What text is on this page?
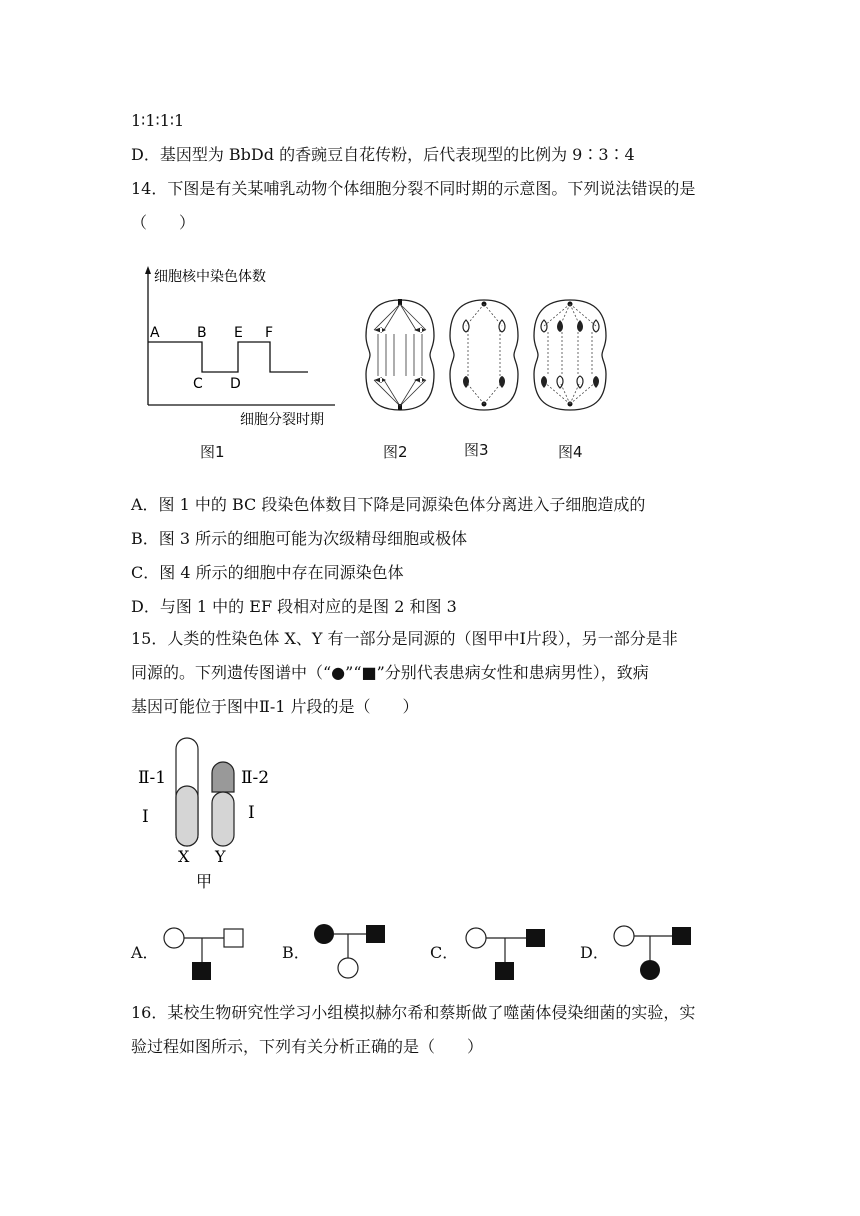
1∶1∶1∶1
D．基因型为 BbDd 的香豌豆自花传粉，后代表现型的比例为 9∶3∶4
14．下图是有关某哺乳动物个体细胞分裂不同时期的示意图。下列说法错误的是
（　　）
细胞核中染色体数
细胞分裂时期
A	B
C D
E F
图1	图2	图3	图4
A．图 1 中的 BC 段染色体数目下降是同源染色体分离进入子细胞造成的
B．图 3 所示的细胞可能为次级精母细胞或极体
C．图 4 所示的细胞中存在同源染色体
D．与图 1 中的 EF 段相对应的是图 2 和图 3
15．人类的性染色体 X、Y 有一部分是同源的（图甲中Ⅰ片段），另一部分是非
同源的。下列遗传图谱中（“●”“■”分别代表患病女性和患病男性），致病
基因可能位于图中Ⅱ-1 片段的是（　　）
Ⅱ-1	Ⅱ-2
Ⅰ	Ⅰ
X Y
甲
A．	B．	C．	D．
16．某校生物研究性学习小组模拟赫尔希和蔡斯做了噬菌体侵染细菌的实验，实
验过程如图所示，下列有关分析正确的是（　　）
